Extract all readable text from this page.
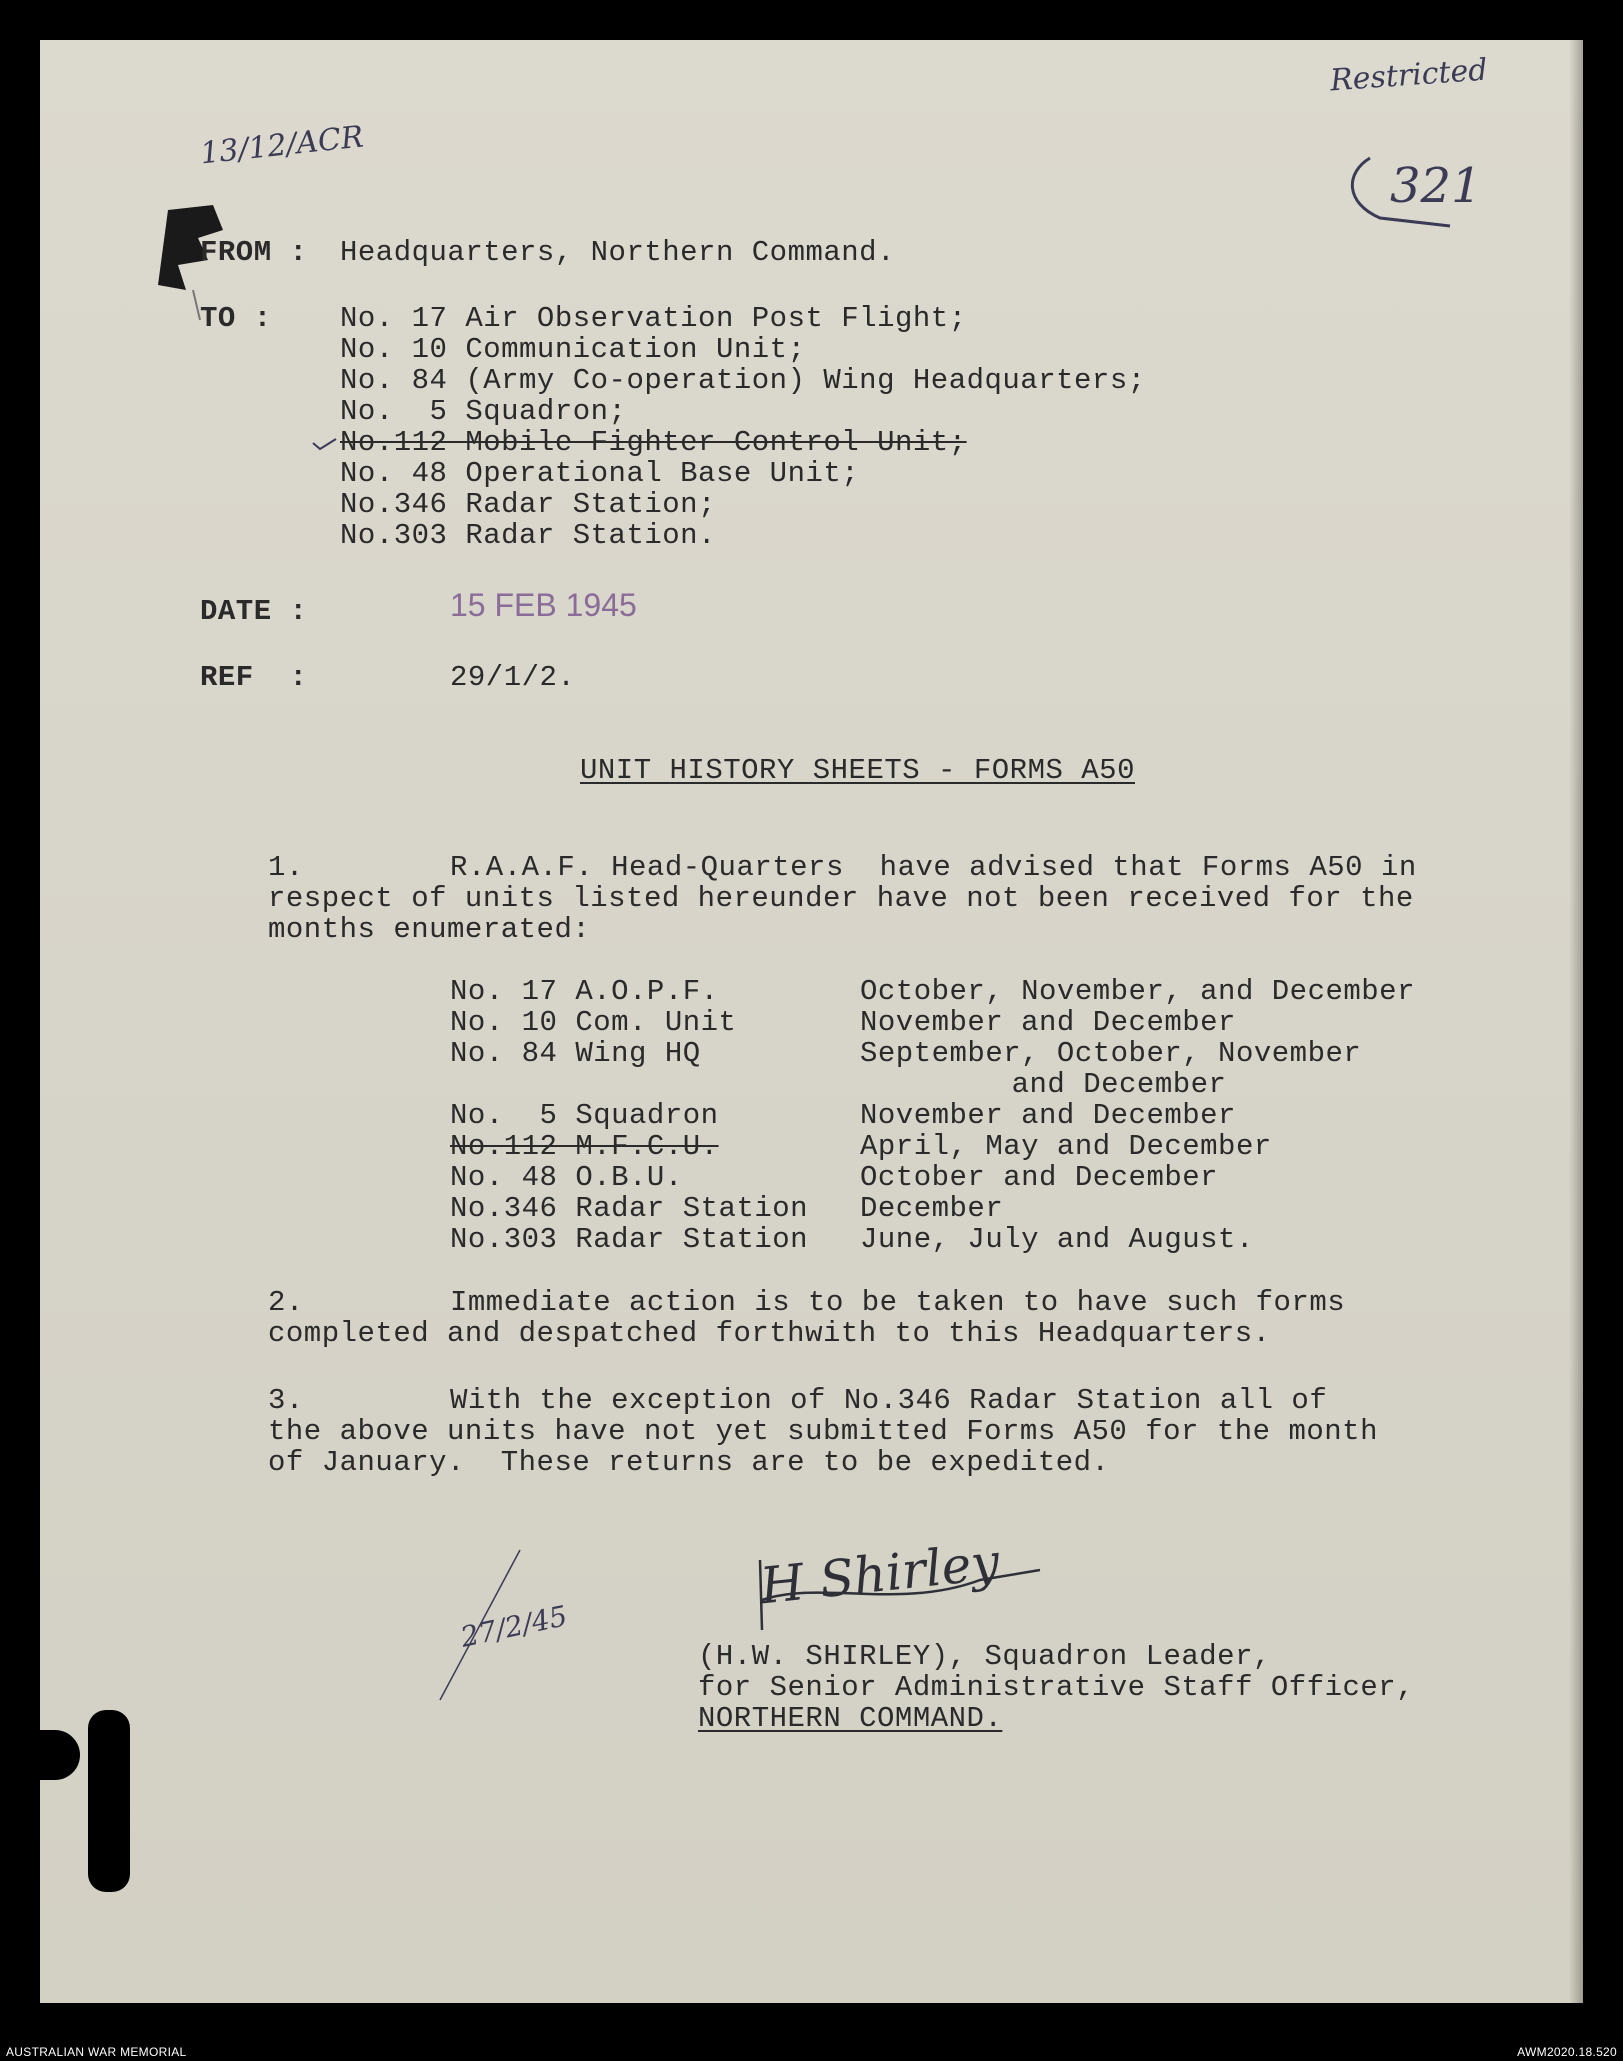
13/12/ACR
Restricted
321
FROM : Headquarters, Northern Command.
TO : No. 17 Air Observation Post Flight;
No. 10 Communication Unit;
No. 84 (Army Co-operation) Wing Headquarters;
No.  5 Squadron;
No.112 Mobile Fighter Control Unit;
No. 48 Operational Base Unit;
No.346 Radar Station;
No.303 Radar Station.
DATE :	15 FEB 1945
REF  :	29/1/2.
UNIT HISTORY SHEETS - FORMS A50
1.	R.A.A.F. Head-Quarters  have advised that Forms A50 in
respect of units listed hereunder have not been received for the
months enumerated:
No. 17 A.O.P.F.	October, November, and December
No. 10 Com. Unit	November and December
No. 84 Wing HQ	September, October, November
and December
No.  5 Squadron	November and December
No.112 M.F.C.U.	April, May and December
No. 48 O.B.U.	October and December
No.346 Radar Station December
No.303 Radar Station June, July and August.
2.	Immediate action is to be taken to have such forms
completed and despatched forthwith to this Headquarters.
3.	With the exception of No.346 Radar Station all of
the above units have not yet submitted Forms A50 for the month
of January.  These returns are to be expedited.
H Shirley
27/2/45
(H.W. SHIRLEY), Squadron Leader,
for Senior Administrative Staff Officer,
NORTHERN COMMAND.
AUSTRALIAN WAR MEMORIAL	AWM2020.18.520
